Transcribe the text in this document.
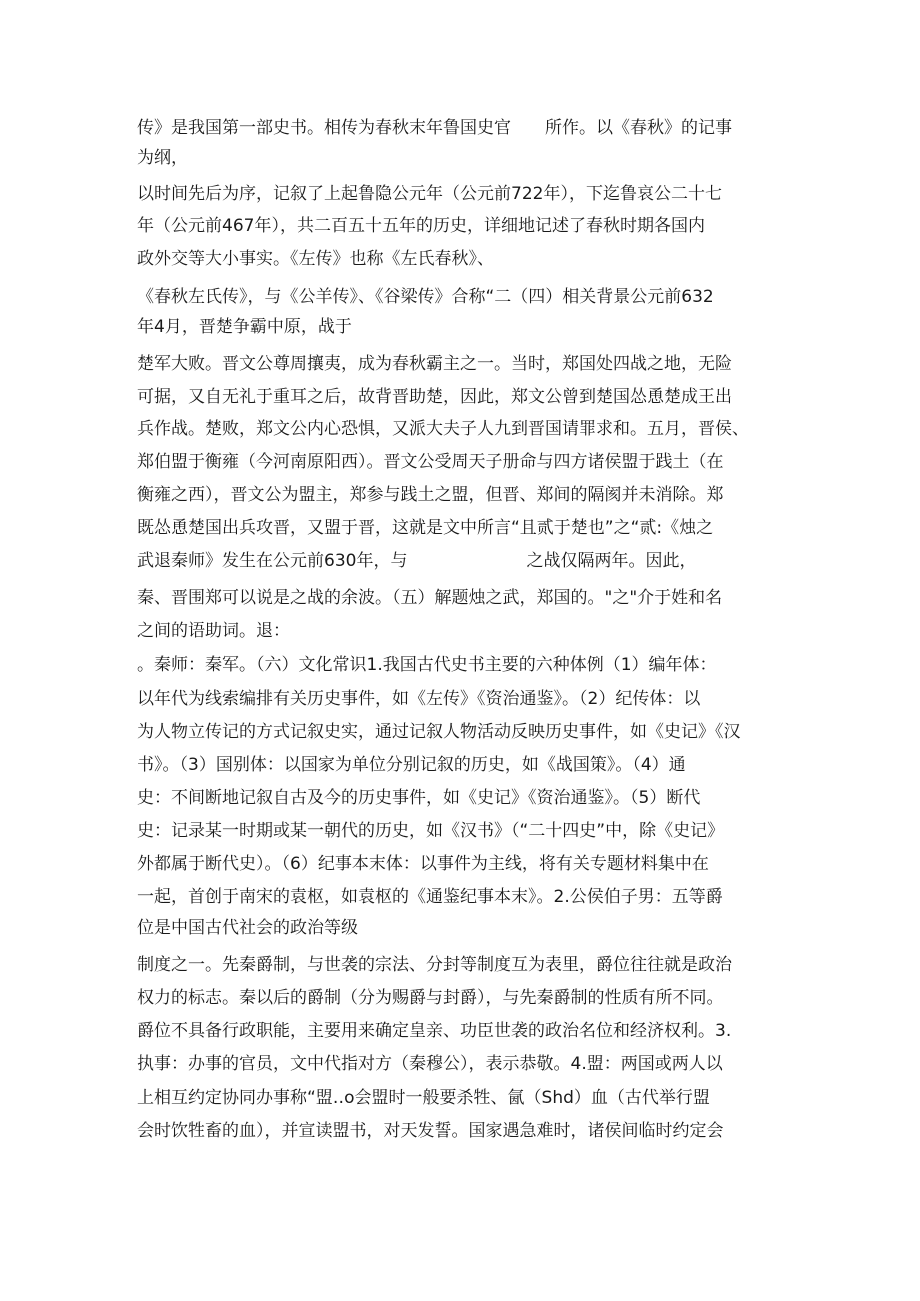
传》是我国第一部史书。相传为春秋末年鲁国史官　　所作。以《春秋》的记事
为纲，
以时间先后为序，记叙了上起鲁隐公元年（公元前722年），下迄鲁哀公二十七
年（公元前467年），共二百五十五年的历史，详细地记述了春秋时期各国内
政外交等大小事实。《左传》也称《左氏春秋》、
《春秋左氏传》，与《公羊传》、《谷梁传》合称“二（四）相关背景公元前632
年4月，晋楚争霸中原，战于
楚军大败。晋文公尊周攘夷，成为春秋霸主之一。当时，郑国处四战之地，无险
可据，又自无礼于重耳之后，故背晋助楚，因此，郑文公曾到楚国怂恿楚成王出
兵作战。楚败，郑文公内心恐惧，又派大夫子人九到晋国请罪求和。五月，晋侯、
郑伯盟于衡雍（今河南原阳西）。晋文公受周天子册命与四方诸侯盟于践土（在
衡雍之西），晋文公为盟主，郑参与践土之盟，但晋、郑间的隔阂并未消除。郑
既怂恿楚国出兵攻晋，又盟于晋，这就是文中所言“且贰于楚也”之“贰:《烛之
武退秦师》发生在公元前630年，与　　　　　　　之战仅隔两年。因此，
秦、晋围郑可以说是之战的余波。（五）解题烛之武，郑国的。"之"介于姓和名
之间的语助词。退：
。秦师：秦军。（六）文化常识1.我国古代史书主要的六种体例（1）编年体：
以年代为线索编排有关历史事件，如《左传》《资治通鉴》。（2）纪传体：以
为人物立传记的方式记叙史实，通过记叙人物活动反映历史事件，如《史记》《汉
书》。（3）国别体：以国家为单位分别记叙的历史，如《战国策》。（4）通
史：不间断地记叙自古及今的历史事件，如《史记》《资治通鉴》。（5）断代
史：记录某一时期或某一朝代的历史，如《汉书》（“二十四史”中，除《史记》
外都属于断代史）。（6）纪事本末体：以事件为主线，将有关专题材料集中在
一起，首创于南宋的袁枢，如袁枢的《通鉴纪事本末》。2.公侯伯子男：五等爵
位是中国古代社会的政治等级
制度之一。先秦爵制，与世袭的宗法、分封等制度互为表里，爵位往往就是政治
权力的标志。秦以后的爵制（分为赐爵与封爵），与先秦爵制的性质有所不同。
爵位不具备行政职能，主要用来确定皇亲、功臣世袭的政治名位和经济权利。3.
执事：办事的官员，文中代指对方（秦穆公），表示恭敬。4.盟：两国或两人以
上相互约定协同办事称“盟‥o会盟时一般要杀牲、氤（Shd）血（古代举行盟
会时饮牲畜的血），并宣读盟书，对天发誓。国家遇急难时，诸侯间临时约定会
